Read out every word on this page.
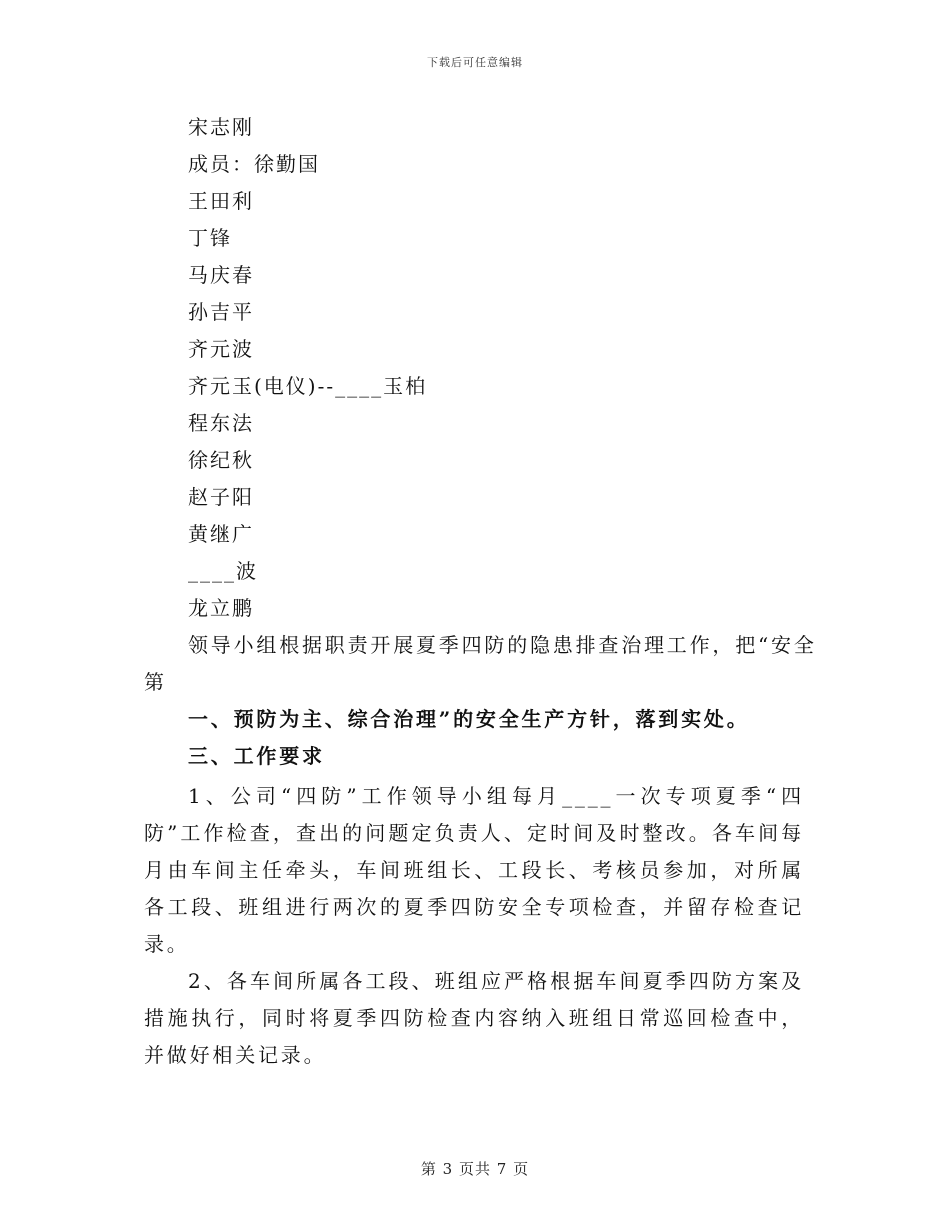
下载后可任意编辑
宋志刚
成员：徐勤国
王田利
丁锋
马庆春
孙吉平
齐元波
齐元玉(电仪)--____玉柏
程东法
徐纪秋
赵子阳
黄继广
____波
龙立鹏
领导小组根据职责开展夏季四防的隐患排查治理工作，把“安全
第
一、预防为主、综合治理”的安全生产方针，落到实处。
三、工作要求

1、公司“四防”工作领导小组每月____一次专项夏季“四防”工作检查，查出的问题定负责人、定时间及时整改。各车间每月由车间主任牵头，车间班组长、工段长、考核员参加，对所属各工段、班组进行两次的夏季四防安全专项检查，并留存检查记录。

2、各车间所属各工段、班组应严格根据车间夏季四防方案及措施执行，同时将夏季四防检查内容纳入班组日常巡回检查中，并做好相关记录。

第 3 页共 7 页
